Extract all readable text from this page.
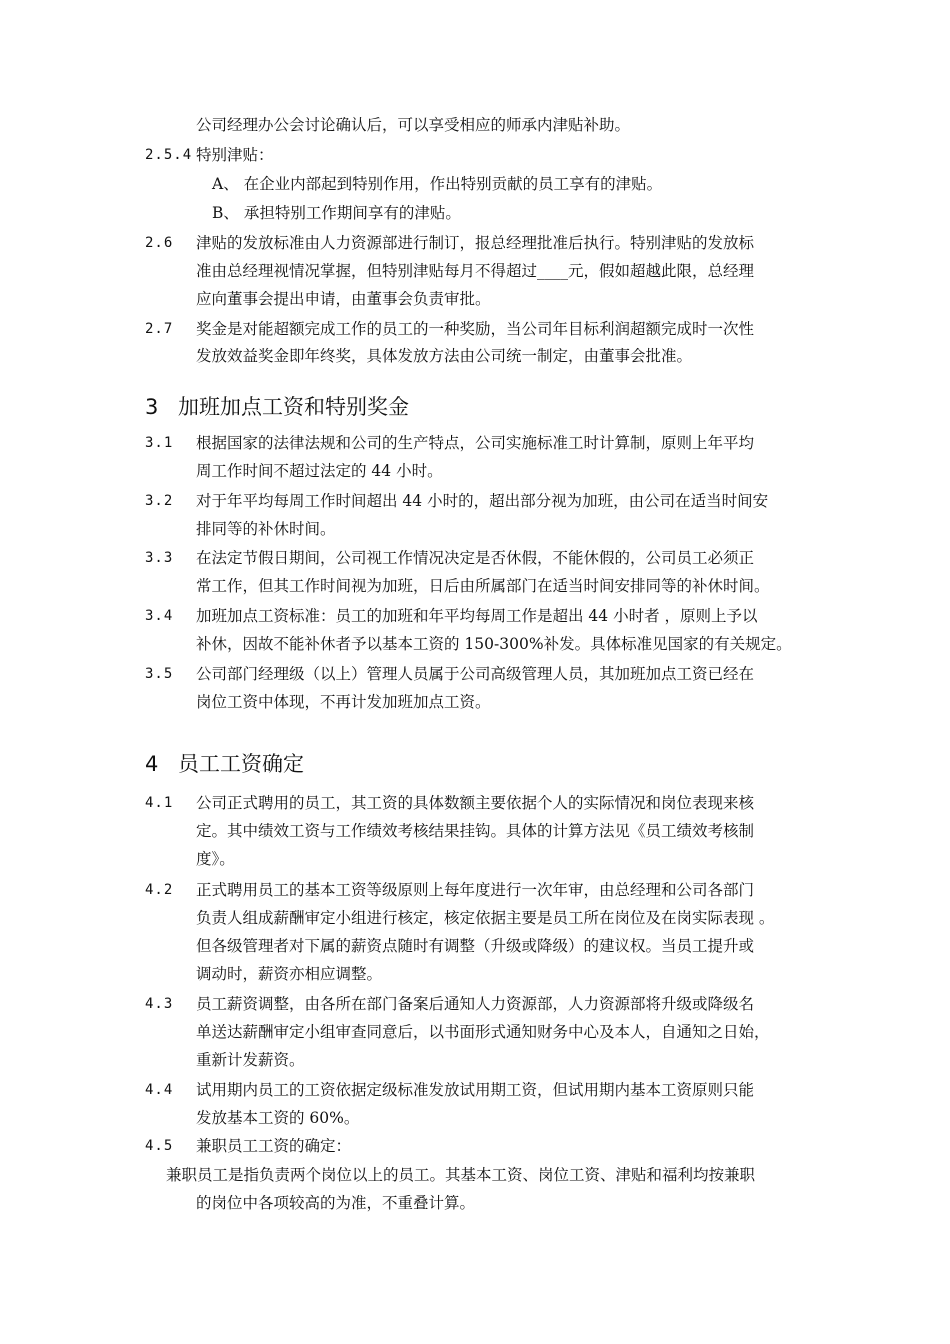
公司经理办公会讨论确认后，可以享受相应的师承内津贴补助。
2.5.4 特别津贴：
A、 在企业内部起到特别作用，作出特别贡献的员工享有的津贴。
B、 承担特别工作期间享有的津贴。
2.6 津贴的发放标准由人力资源部进行制订，报总经理批准后执行。特别津贴的发放标
准由总经理视情况掌握，但特别津贴每月不得超过____元，假如超越此限，总经理
应向董事会提出申请，由董事会负责审批。
2.7 奖金是对能超额完成工作的员工的一种奖励，当公司年目标利润超额完成时一次性
发放效益奖金即年终奖，具体发放方法由公司统一制定，由董事会批准。
3 加班加点工资和特别奖金
3.1 根据国家的法律法规和公司的生产特点，公司实施标准工时计算制，原则上年平均
周工作时间不超过法定的 44 小时。
3.2 对于年平均每周工作时间超出 44 小时的，超出部分视为加班，由公司在适当时间安
排同等的补休时间。
3.3 在法定节假日期间，公司视工作情况决定是否休假，不能休假的，公司员工必须正
常工作，但其工作时间视为加班，日后由所属部门在适当时间安排同等的补休时间。
3.4 加班加点工资标准：员工的加班和年平均每周工作是超出 44 小时者 ，原则上予以
补休，因故不能补休者予以基本工资的 150-300%补发。具体标准见国家的有关规定。
3.5 公司部门经理级（以上）管理人员属于公司高级管理人员，其加班加点工资已经在
岗位工资中体现，不再计发加班加点工资。
4 员工工资确定
4.1 公司正式聘用的员工，其工资的具体数额主要依据个人的实际情况和岗位表现来核
定。其中绩效工资与工作绩效考核结果挂钩。具体的计算方法见《员工绩效考核制
度》。
4.2 正式聘用员工的基本工资等级原则上每年度进行一次年审，由总经理和公司各部门
负责人组成薪酬审定小组进行核定，核定依据主要是员工所在岗位及在岗实际表现 。
但各级管理者对下属的薪资点随时有调整（升级或降级）的建议权。当员工提升或
调动时，薪资亦相应调整。
4.3 员工薪资调整，由各所在部门备案后通知人力资源部，人力资源部将升级或降级名
单送达薪酬审定小组审查同意后，以书面形式通知财务中心及本人，自通知之日始，
重新计发薪资。
4.4 试用期内员工的工资依据定级标准发放试用期工资，但试用期内基本工资原则只能
发放基本工资的 60%。
4.5 兼职员工工资的确定：
兼职员工是指负责两个岗位以上的员工。其基本工资、岗位工资、津贴和福利均按兼职
的岗位中各项较高的为准，不重叠计算。
